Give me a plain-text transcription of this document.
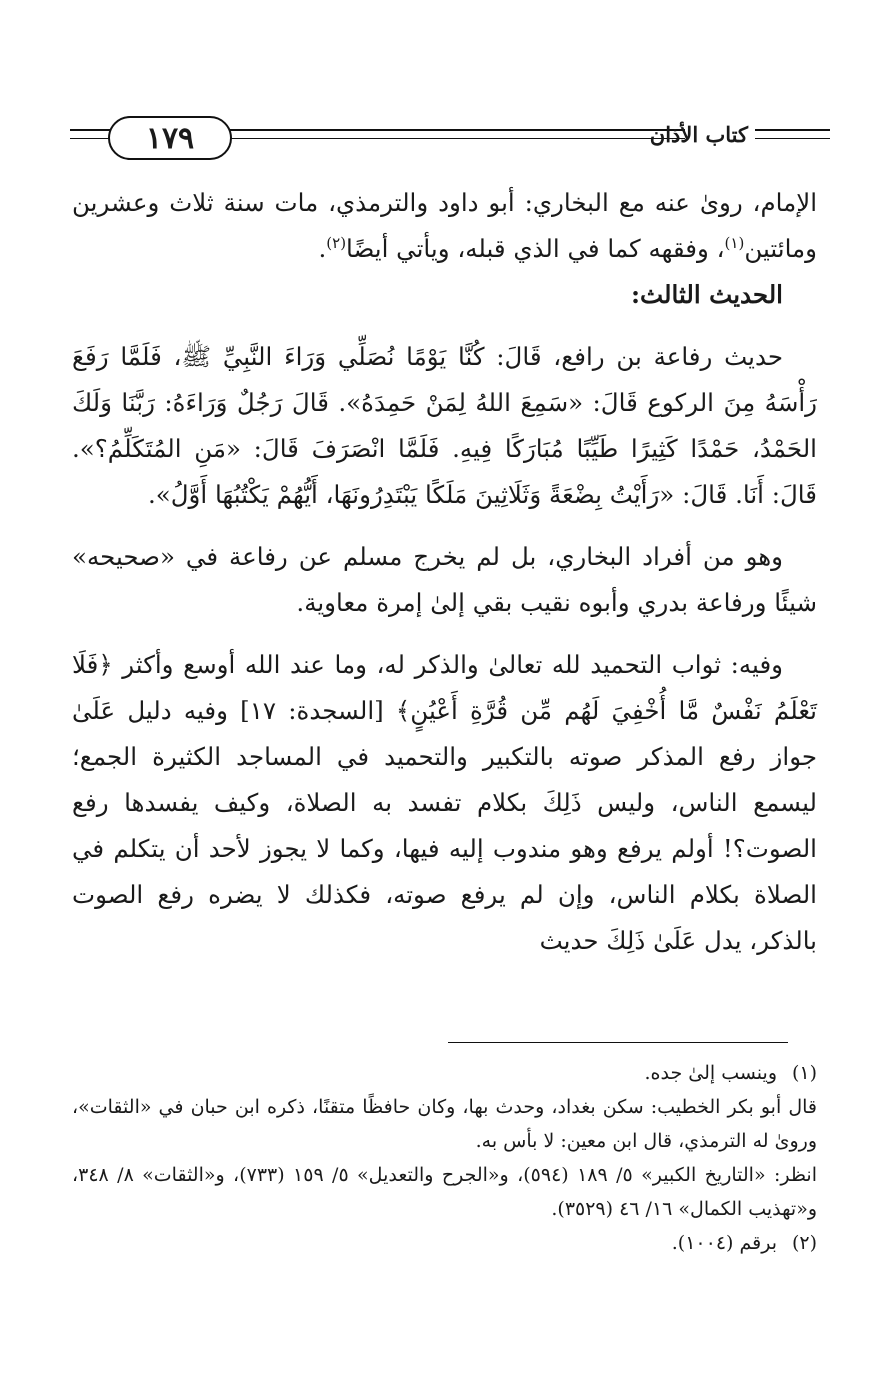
١٧٩	كتاب الأذان

الإمام، روىٰ عنه مع البخاري: أبو داود والترمذي، مات سنة ثلاث وعشرين ومائتين$^{(١)}$، وفقهه كما في الذي قبله، ويأتي أيضًا$^{(٢)}$.

الحديث الثالث:

حديث رفاعة بن رافع، قَالَ: كُنَّا يَوْمًا نُصَلِّي وَرَاءَ النَّبِيِّ ﷺ، فَلَمَّا رَفَعَ رَأْسَهُ مِنَ الركوع قَالَ: «سَمِعَ اللهُ لِمَنْ حَمِدَهُ». قَالَ رَجُلٌ وَرَاءَهُ: رَبَّنَا وَلَكَ الحَمْدُ، حَمْدًا كَثِيرًا طَيِّبًا مُبَارَكًا فِيهِ. فَلَمَّا انْصَرَفَ قَالَ: «مَنِ المُتَكَلِّمُ؟». قَالَ: أَنَا. قَالَ: «رَأَيْتُ بِضْعَةً وَثَلَاثِينَ مَلَكًا يَبْتَدِرُونَهَا، أَيُّهُمْ يَكْتُبُهَا أَوَّلُ».

وهو من أفراد البخاري، بل لم يخرج مسلم عن رفاعة في «صحيحه» شيئًا ورفاعة بدري وأبوه نقيب بقي إلىٰ إمرة معاوية.

وفيه: ثواب التحميد لله تعالىٰ والذكر له، وما عند الله أوسع وأكثر ﴿فَلَا تَعْلَمُ نَفْسٌ مَّا أُخْفِيَ لَهُم مِّن قُرَّةِ أَعْيُنٍ﴾ [السجدة: ١٧] وفيه دليل عَلَىٰ جواز رفع المذكر صوته بالتكبير والتحميد في المساجد الكثيرة الجمع؛ ليسمع الناس، وليس ذَلِكَ بكلام تفسد به الصلاة، وكيف يفسدها رفع الصوت؟! أولم يرفع وهو مندوب إليه فيها، وكما لا يجوز لأحد أن يتكلم في الصلاة بكلام الناس، وإن لم يرفع صوته، فكذلك لا يضره رفع الصوت بالذكر، يدل عَلَىٰ ذَلِكَ حديث

(١)وينسب إلىٰ جده.

قال أبو بكر الخطيب: سكن بغداد، وحدث بها، وكان حافظًا متقنًا، ذكره ابن حبان في «الثقات»، وروىٰ له الترمذي، قال ابن معين: لا بأس به.

انظر: «التاريخ الكبير» ٥/ ١٨٩ (٥٩٤)، و«الجرح والتعديل» ٥/ ١٥٩ (٧٣٣)، و«الثقات» ٨/ ٣٤٨، و«تهذيب الكمال» ١٦/ ٤٦ (٣٥٢٩).

(٢)برقم (١٠٠٤).
